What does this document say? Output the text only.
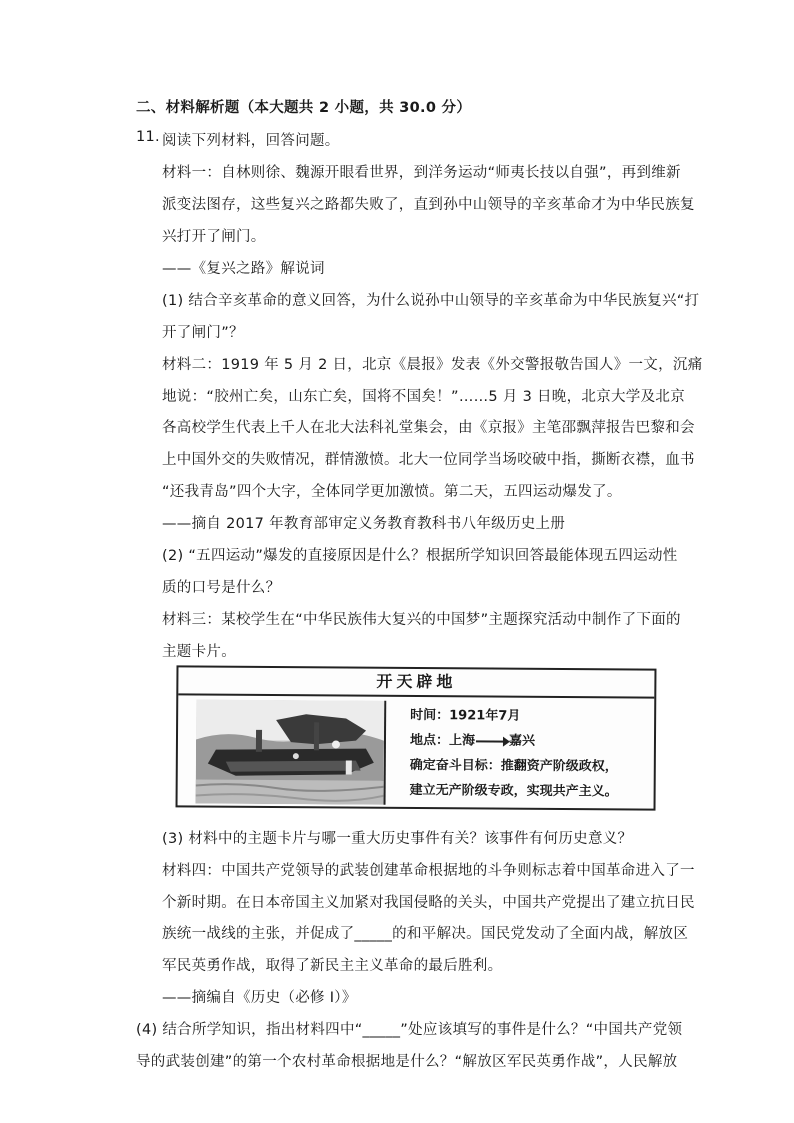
二、材料解析题（本大题共 2 小题，共 30.0 分）
11. 阅读下列材料，回答问题。
材料一：自林则徐、魏源开眼看世界，到洋务运动“师夷长技以自强”，再到维新
派变法图存，这些复兴之路都失败了，直到孙中山领导的辛亥革命才为中华民族复
兴打开了闸门。
——《复兴之路》解说词
(1) 结合辛亥革命的意义回答，为什么说孙中山领导的辛亥革命为中华民族复兴“打
开了闸门”？
材料二：1919 年 5 月 2 日，北京《晨报》发表《外交警报敬告国人》一文，沉痛
地说：“胶州亡矣，山东亡矣，国将不国矣！”……5 月 3 日晚，北京大学及北京
各高校学生代表上千人在北大法科礼堂集会，由《京报》主笔邵飘萍报告巴黎和会
上中国外交的失败情况，群情激愤。北大一位同学当场咬破中指，撕断衣襟，血书
“还我青岛”四个大字，全体同学更加激愤。第二天，五四运动爆发了。
——摘自 2017 年教育部审定义务教育教科书八年级历史上册
(2) “五四运动”爆发的直接原因是什么？根据所学知识回答最能体现五四运动性
质的口号是什么？
材料三：某校学生在“中华民族伟大复兴的中国梦”主题探究活动中制作了下面的
主题卡片。
开天辟地
时间：1921年7月
地点：上海	嘉兴
确定奋斗目标：推翻资产阶级政权，
建立无产阶级专政，实现共产主义。
(3) 材料中的主题卡片与哪一重大历史事件有关？该事件有何历史意义？
材料四：中国共产党领导的武装创建革命根据地的斗争则标志着中国革命进入了一
个新时期。在日本帝国主义加紧对我国侵略的关头，中国共产党提出了建立抗日民
族统一战线的主张，并促成了_____的和平解决。国民党发动了全面内战，解放区
军民英勇作战，取得了新民主主义革命的最后胜利。
——摘编自《历史（必修 I）》
(4) 结合所学知识，指出材料四中“_____”处应该填写的事件是什么？“中国共产党领
导的武装创建”的第一个农村革命根据地是什么？“解放区军民英勇作战”，人民解放
